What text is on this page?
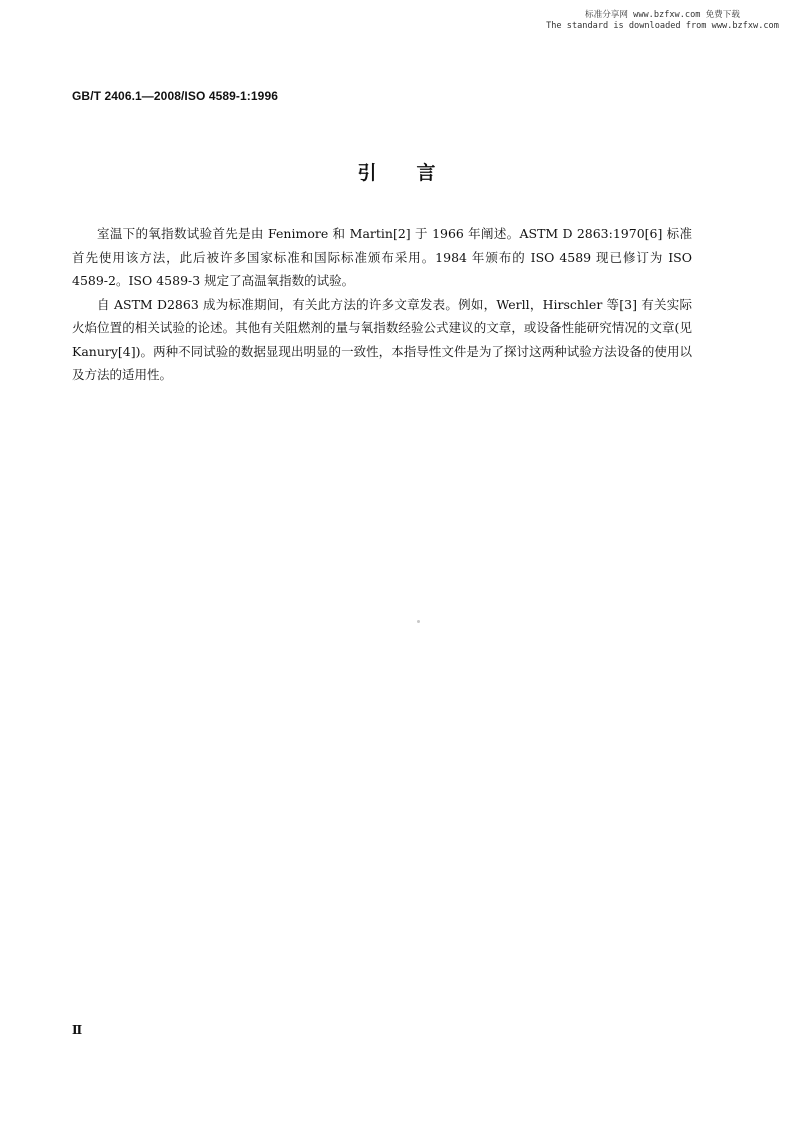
标准分享网 www.bzfxw.com 免费下载
The standard is downloaded from www.bzfxw.com
GB/T 2406.1—2008/ISO 4589-1:1996
引言

室温下的氧指数试验首先是由 Fenimore 和 Martin[2] 于 1966 年阐述。ASTM D 2863:1970[6] 标准首先使用该方法，此后被许多国家标准和国际标准颁布采用。1984 年颁布的 ISO 4589 现已修订为 ISO 4589-2。ISO 4589-3 规定了高温氧指数的试验。

自 ASTM D2863 成为标准期间，有关此方法的许多文章发表。例如，Werll，Hirschler 等[3] 有关实际火焰位置的相关试验的论述。其他有关阻燃剂的量与氧指数经验公式建议的文章，或设备性能研究情况的文章(见 Kanury[4])。两种不同试验的数据显现出明显的一致性，本指导性文件是为了探讨这两种试验方法设备的使用以及方法的适用性。

Ⅱ
